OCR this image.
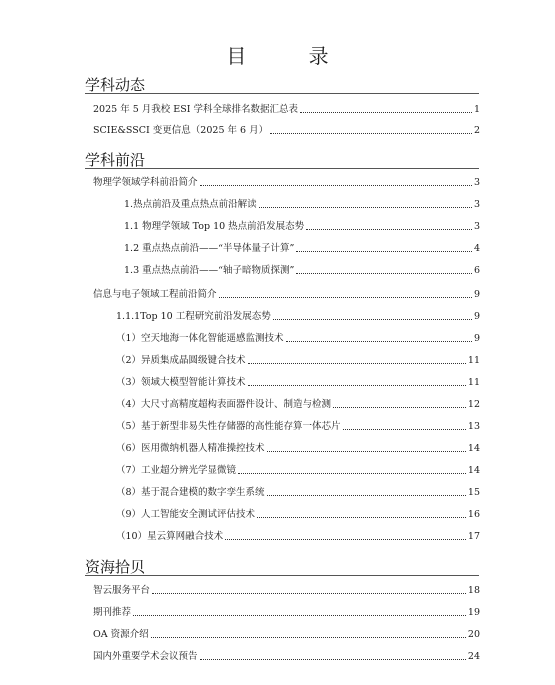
目 录
学科动态
2025 年 5 月我校 ESI 学科全球排名数据汇总表	1
SCIE&SSCI 变更信息（2025 年 6 月）	2
学科前沿
物理学领域学科前沿简介	3
1.热点前沿及重点热点前沿解读	3
1.1 物理学领域 Top 10 热点前沿发展态势	3
1.2 重点热点前沿——“半导体量子计算”	4
1.3 重点热点前沿——“轴子暗物质探测”	6
信息与电子领域工程前沿简介	9
1.1.1Top 10 工程研究前沿发展态势	9
（1）空天地海一体化智能遥感监测技术	9
（2）异质集成晶圆级键合技术	11
（3）领域大模型智能计算技术	11
（4）大尺寸高精度超构表面器件设计、制造与检测	12
（5）基于新型非易失性存储器的高性能存算一体芯片	13
（6）医用微纳机器人精准操控技术	14
（7）工业超分辨光学显微镜	14
（8）基于混合建模的数字孪生系统	15
（9）人工智能安全测试评估技术	16
（10）星云算网融合技术	17
资海拾贝
智云服务平台	18
期刊推荐	19
OA 资源介绍	20
国内外重要学术会议预告	24
